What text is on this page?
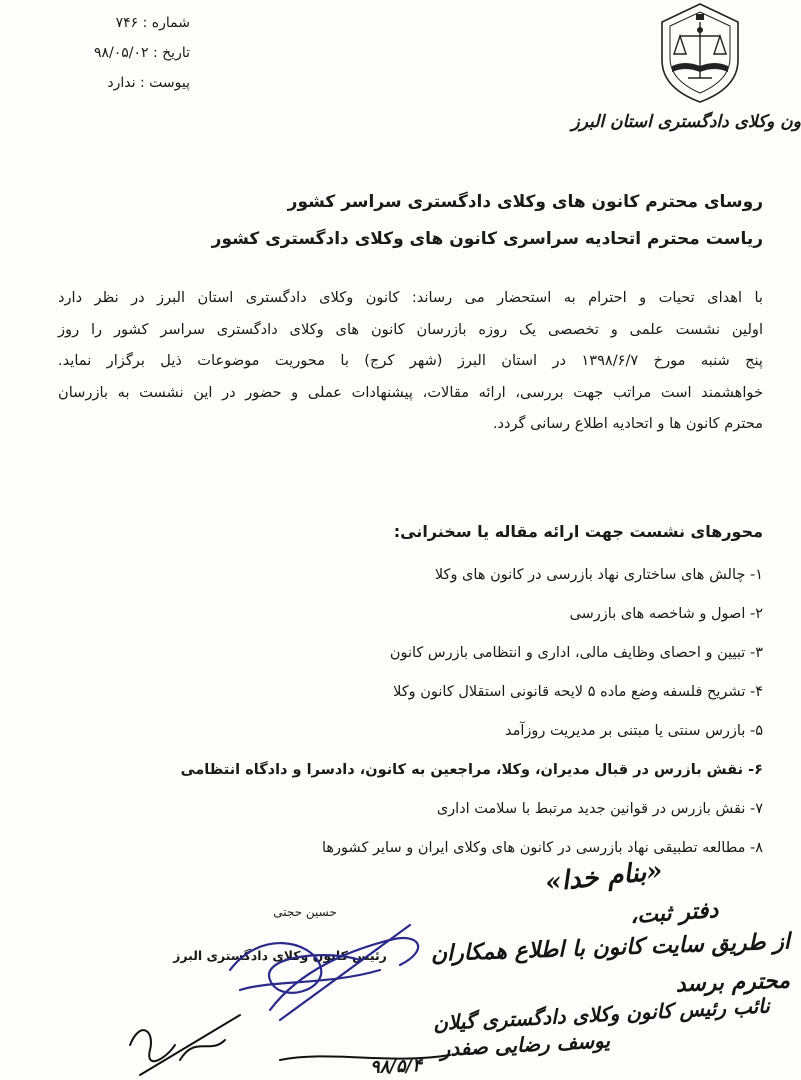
شماره : ۷۴۶
تاریخ : ۹۸/۰۵/۰۲
پیوست : ندارد
ون وکلای دادگستری استان البرز
روسای محترم کانون های وکلای دادگستری سراسر کشور
ریاست محترم اتحادیه سراسری کانون های وکلای دادگستری کشور

با اهدای تحیات و احترام به استحضار می رساند: کانون وکلای دادگستری استان البرز در نظر دارد

اولین نشست علمی و تخصصی یک روزه بازرسان کانون های وکلای دادگستری سراسر کشور را روز

پنج شنبه مورخ ۱۳۹۸/۶/۷ در استان البرز (شهر کرج) با محوریت موضوعات ذیل برگزار نماید.

خواهشمند است مراتب جهت بررسی، ارائه مقالات، پیشنهادات عملی و حضور در این نشست به بازرسان

محترم کانون ها و اتحادیه اطلاع رسانی گردد.

محورهای نشست جهت ارائه مقاله یا سخنرانی:
۱- چالش های ساختاری نهاد بازرسی در کانون های وکلا
۲- اصول و شاخصه های بازرسی
۳- تبیین و احصای وظایف مالی، اداری و انتظامی بازرس کانون
۴- تشریح فلسفه وضع ماده ۵ لایحه قانونی استقلال کانون وکلا
۵- بازرس سنتی یا مبتنی بر مدیریت روزآمد
۶- نقش بازرس در قبال مدیران، وکلا، مراجعین به کانون، دادسرا و دادگاه انتظامی
۷- نقش بازرس در قوانین جدید مرتبط با سلامت اداری
۸- مطالعه تطبیقی نهاد بازرسی در کانون های وکلای ایران و سایر کشورها
حسین حجتی
رئیس کانون وکلای دادگستری البرز
«بنام خدا»
دفتر ثبت،
از طریق سایت کانون با اطلاع همکاران
محترم برسد
نائب رئیس کانون وکلای دادگستری گیلان
یوسف رضایی صفدر
۹۸/۵/۴
